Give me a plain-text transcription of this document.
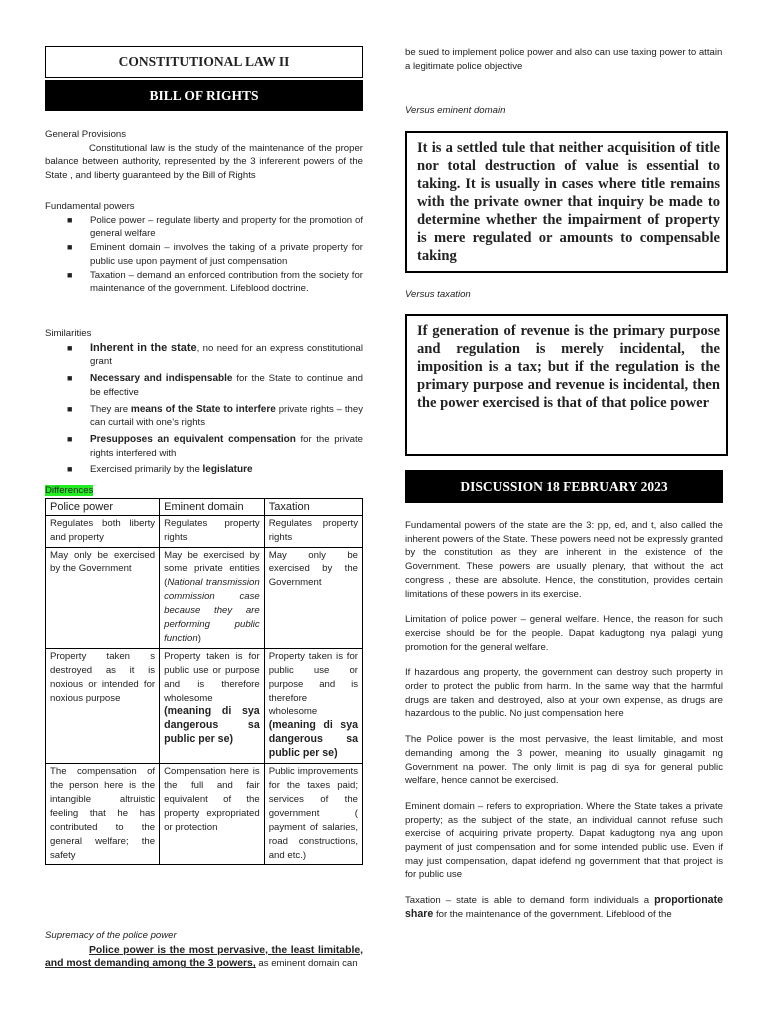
CONSTITUTIONAL LAW II
BILL OF RIGHTS

General Provisions

Constitutional law is the study of the maintenance of the proper balance between authority, represented by the 3 infererent powers of the State , and liberty guaranteed by the Bill of Rights

Fundamental powers

■ Police power – regulate liberty and property for the promotion of general welfare
■ Eminent domain – involves the taking of a private property for public use upon payment of just compensation
■ Taxation – demand an enforced contribution from the society for maintenance of the government. Lifeblood doctrine.

Similarities

■ Inherent in the state, no need for an express constitutional grant
■ Necessary and indispensable for the State to continue and be effective
■ They are means of the State to interfere private rights – they can curtail with one’s rights
■ Presupposes an equivalent compensation for the private rights interfered with
■ Exercised primarily by the legislature
Differences
Police power	Eminent domain	Taxation
Regulates both liberty and property	Regulates property rights	Regulates property rights
May only be exercised by the Government	May be exercised by some private entities (National transmission commission case because they are performing public function)	May only be exercised by the Government
Property taken s destroyed as it is noxious or intended for noxious purpose	Property taken is for public use or purpose and is therefore wholesome (meaning di sya dangerous sa public per se)	Property taken is for public use or purpose and is therefore wholesome (meaning di sya dangerous sa public per se)
The compensation of the person here is the intangible altruistic feeling that he has contributed to the general welfare; the safety	Compensation here is the full and fair equivalent of the property expropriated or protection	Public improvements for the taxes paid; services of the government ( payment of salaries, road constructions, and etc.)

Supremacy of the police power

Police power is the most pervasive, the least limitable, and most demanding among the 3 powers, as eminent domain can

be sued to implement police power and also can use taxing power to attain a legitimate police objective

Versus eminent domain

It is a settled tule that neither acquisition of title nor total destruction of value is essential to taking. It is usually in cases where title remains with the private owner that inquiry be made to determine whether the impairment of property is mere regulated or amounts to compensable taking

Versus taxation

If generation of revenue is the primary purpose and regulation is merely incidental, the imposition is a tax; but if the regulation is the primary purpose and revenue is incidental, then the power exercised is that of that police power
DISCUSSION 18 FEBRUARY 2023

Fundamental powers of the state are the 3: pp, ed, and t, also called the inherent powers of the State. These powers need not be expressly granted by the constitution as they are inherent in the existence of the Government. These powers are usually plenary, that without the act congress , these are absolute. Hence, the constitution, provides certain limitations of these powers in its exercise.

Limitation of police power – general welfare. Hence, the reason for such exercise should be for the people. Dapat kadugtong nya palagi yung promotion for the general welfare.

If hazardous ang property, the government can destroy such property in order to protect the public from harm. In the same way that the harmful drugs are taken and destroyed, also at your own expense, as drugs are hazardous to the public. No just compensation here

The Police power is the most pervasive, the least limitable, and most demanding among the 3 power, meaning ito usually ginagamit ng Government na power. The only limit is pag di sya for general public welfare, hence cannot be exercised.

Eminent domain – refers to expropriation. Where the State takes a private property; as the subject of the state, an individual cannot refuse such exercise of acquiring private property. Dapat kadugtong nya ang upon payment of just compensation and for some intended public use. Even if may just compensation, dapat idefend ng government that that project is for public use

Taxation – state is able to demand form individuals a proportionate share for the maintenance of the government. Lifeblood of the
